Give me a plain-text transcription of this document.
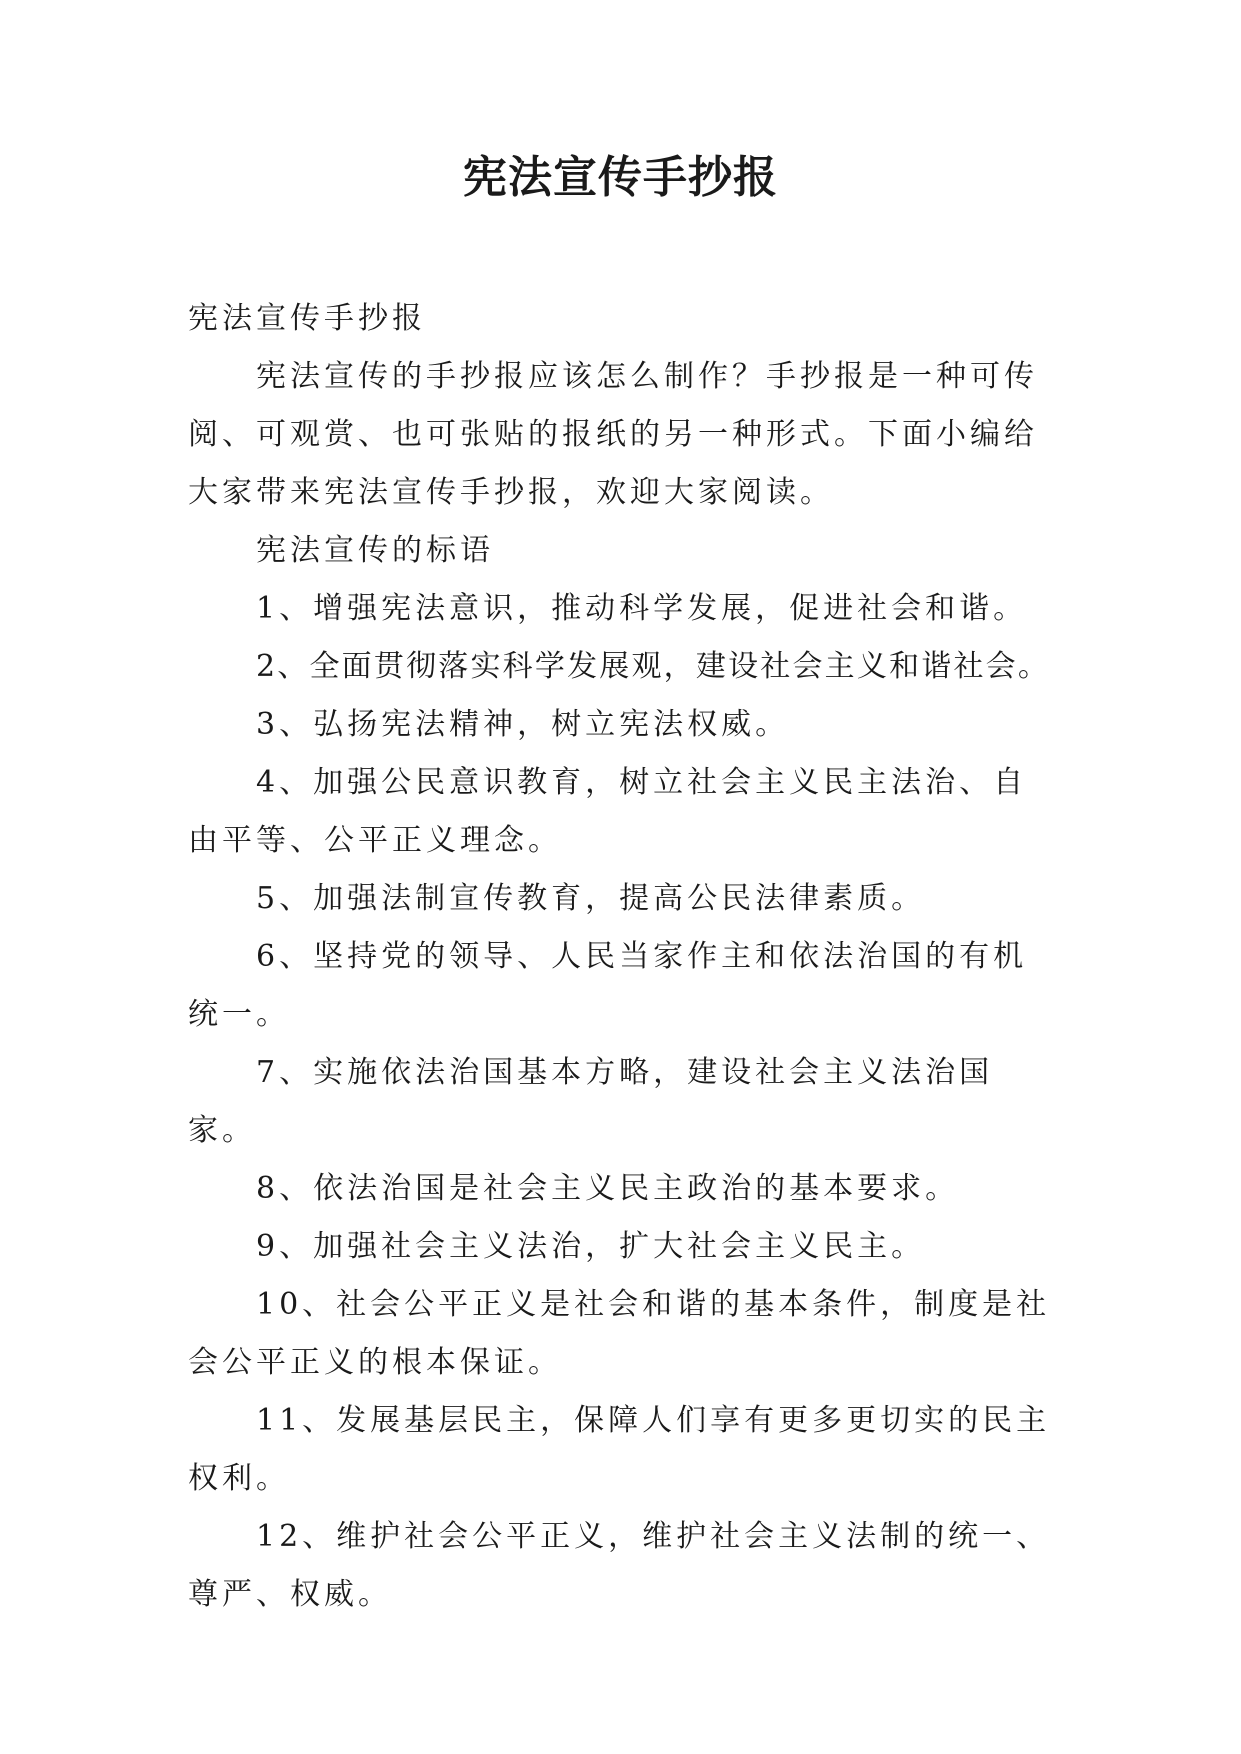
宪法宣传手抄报

宪法宣传手抄报

宪法宣传的手抄报应该怎么制作？手抄报是一种可传阅、可观赏、也可张贴的报纸的另一种形式。下面小编给大家带来宪法宣传手抄报，欢迎大家阅读。

宪法宣传的标语

1、增强宪法意识，推动科学发展，促进社会和谐。

2、全面贯彻落实科学发展观，建设社会主义和谐社会。

3、弘扬宪法精神，树立宪法权威。

4、加强公民意识教育，树立社会主义民主法治、自由平等、公平正义理念。

5、加强法制宣传教育，提高公民法律素质。

6、坚持党的领导、人民当家作主和依法治国的有机统一。

7、实施依法治国基本方略，建设社会主义法治国家。

8、依法治国是社会主义民主政治的基本要求。

9、加强社会主义法治，扩大社会主义民主。

10、社会公平正义是社会和谐的基本条件，制度是社会公平正义的根本保证。

11、发展基层民主，保障人们享有更多更切实的民主权利。

12、维护社会公平正义，维护社会主义法制的统一、尊严、权威。
